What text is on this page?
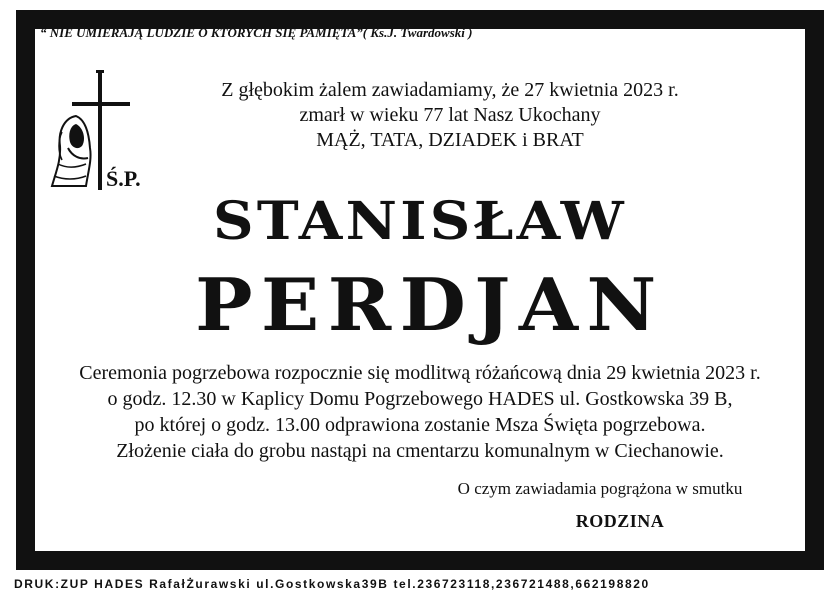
“ NIE UMIERAJĄ LUDZIE O KTÓRYCH SIĘ PAMIĘTA”( Ks.J. Twardowski )
Ś.P.
Z głębokim żalem zawiadamiamy, że 27 kwietnia 2023 r.
zmarł w wieku 77 lat Nasz Ukochany
MĄŻ, TATA, DZIADEK i BRAT
STANISŁAW
PERDJAN
Ceremonia pogrzebowa rozpocznie się modlitwą różańcową dnia 29 kwietnia 2023 r.
o godz. 12.30 w Kaplicy Domu Pogrzebowego HADES ul. Gostkowska 39 B,
po której o godz. 13.00 odprawiona zostanie Msza Święta pogrzebowa.
Złożenie ciała do grobu nastąpi na cmentarzu komunalnym w Ciechanowie.
O czym zawiadamia pogrążona w smutku
RODZINA
DRUK:ZUP HADES RafałŻurawski ul.Gostkowska39B tel.236723118,236721488,662198820
